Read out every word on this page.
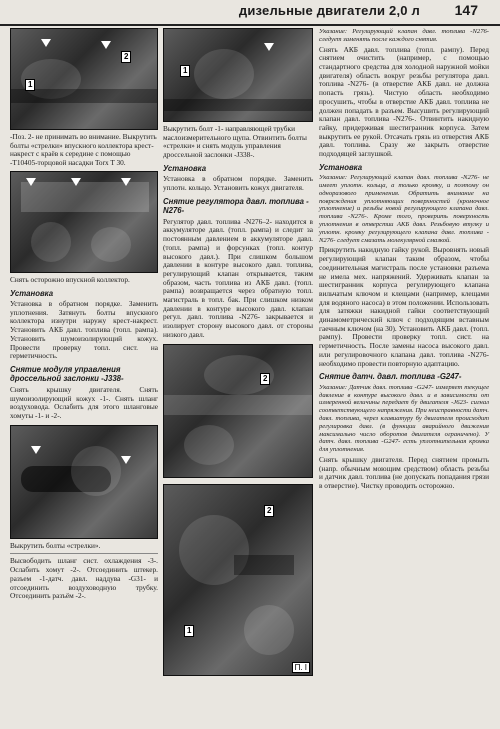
дизельные двигатели 2,0 л 147
1
2
-Поз. 2- не принимать во внимание. Выкрутить болты «стрелки» впускного коллектора крест-накрест с краёв к середине с помощью -Т10405-торцовой насадки Torx T 30.
Снять осторожно впускной коллектор.
Установка

Установка в обратном порядке. Заменить уплотнения. Затянуть болты впускного коллектора изнутри наружу крест-накрест. Установить АКБ давл. топлива (топл. рампа). Установить шумоизолирующий кожух. Провести проверку топл. сист. на герметичность.

Снятие модуля управления дроссельной заслонки -J338-

Снять крышку двигателя. Снять шумоизолирующий кожух -1-. Снять шланг воздуховода. Ослабить для этого шланговые хомуты -1- и -2-.

Выкрутить болты «стрелки».

Высвободить шланг сист. охлаждения -3-. Ослабить хомут -2-. Отсоединить штекер. разъем -1-датч. давл. наддува -G31- и отсоединить воздуховодную трубку. Отсоединить разъём -2-.

1
Выкрутить болт -1- направляющей трубки маслоизмерительного щупа. Отвинтить болты «стрелки» и снять модуль управления дроссельной заслонки -J338-.
Установка

Установка в обратном порядке. Заменить уплотн. кольцо. Установить кожух двигателя.

Снятие регулятора давл. топлива -N276-

Регулятор давл. топлива -N276–2- находится в аккумуляторе давл. (топл. рампа) и следит за постоянным давлением в аккумуляторе давл. (топл. рампа) и форсунках (топл. контур высокого давл.). При слишком большом давлении в контуре высокого давл. топлива, регулирующий клапан открывается, таким образом, часть топлива из АКБ давл. (топл. рампа) возвращается через обратную топл. магистраль в топл. бак. При слишком низком давлении в контуре высокого давл. клапан регул. давл. топлива -N276- закрывается и изолирует сторону высокого давл. от стороны низкого давл.

2
2
1
П. I
Указание: Регулирующий клапан давл. топлива -N276- следует заменять после каждого снятия.

Снять АКБ давл. топлива (топл. рампу). Перед снятием очистить (например, с помощью стандартного средства для холодной наружной мойки двигателя) область вокруг резьбы регулятора давл. топлива -N276- (в отверстие АКБ давл. не должна попасть грязь). Чистую область необходимо просушить, чтобы в отверстие АКБ давл. топлива не должен попадать в разъем. Высушить регулирующий клапан давл. топлива -N276-. Отвинтить накидную гайку, придерживая шестигранник корпуса. Затем выкрутить ее рукой. Отсачать грязь из отверстия АКБ давл. топлива. Сразу же закрыть отверстие подходящей заглушкой.

Установка
Указание: Регулирующий клапан давл. топлива -N276- не имеет уплотн. кольца, а только кромку, и поэтому он одноразового применения. Обратить внимание на повреждения уплотняющих поверхностей (кромочное уплотнение) и резьбы новой регулирующего клапана давл. топлива -N276-. Кроме того, проверить поверхность уплотнения в отверстии АКБ давл. Резьбовую втулку и уплотн. кромку регулирующего клапана давл. топлива -N276- следует смазать молекулярной смазкой.

Прикрутить накидную гайку рукой. Выровнять новый регулирующий клапан таким образом, чтобы соединительная магистраль после установки разъема не имела мех. напряжений. Удерживать клапан за шестигранник корпуса регулирующего клапана вильчатым ключом и клещами (например, клещами для водяного насоса) в этом положении. Использовать для затяжки накидной гайки соответствующий динамометрический ключ с подходящим вставным гаечным ключом (на 30). Установить АКБ давл. (топл. рампу). Провести проверку топл. сист. на герметичность. После замены насоса высокого давл. или регулировочного клапана давл. топлива -N276- необходимо провести повторную адаптацию.

Снятие датч. давл. топлива -G247-
Указание: Датчик давл. топлива -G247- измеряет текущее давление в контуре высокого давл. и в зависимости от измеренной величины передает бу двигателя -J623- сигнал соответствующего напряжения. При неисправности датч. давл. топлива, через клавиатуру бу двигателя происходит регулировка давл. (в функции аварийного движения максимально число оборотов двигателя ограничено). У датч. давл. топлива -G247- есть уплотнительная кромка для уплотнения.

Снять крышку двигателя. Перед снятием промыть (напр. обычным моющим средством) область резьбы и датчик давл. топлива (не допускать попадания грязи в отверстие). Чистку проводить осторожно.
